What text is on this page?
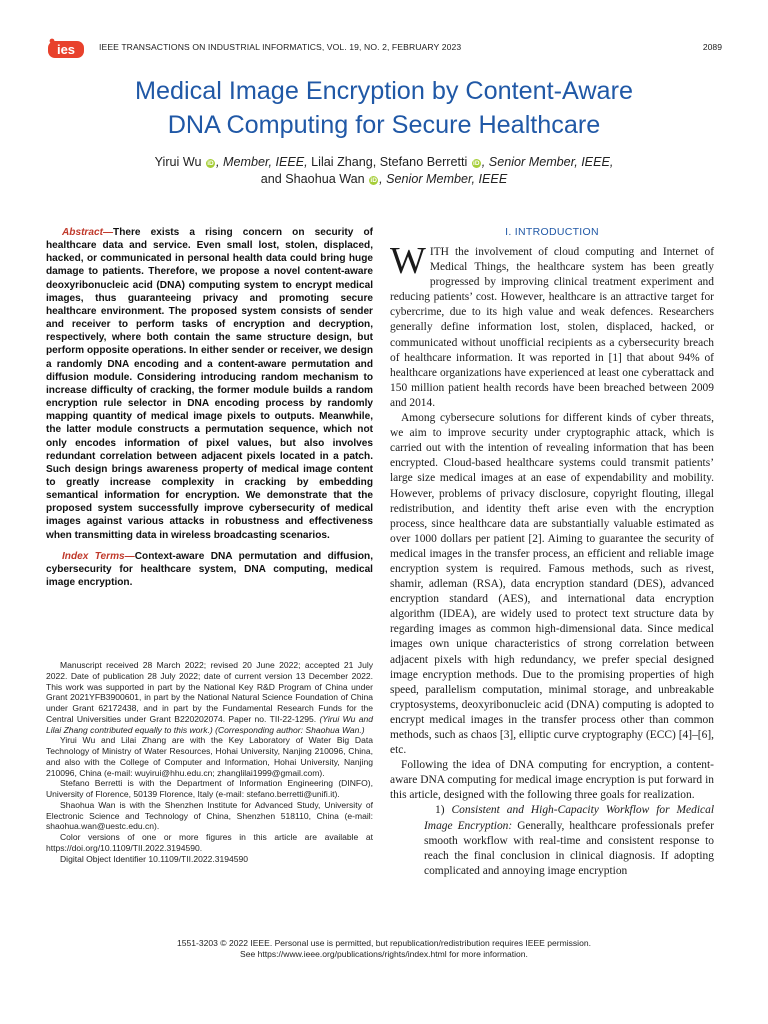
ies	IEEE TRANSACTIONS ON INDUSTRIAL INFORMATICS, VOL. 19, NO. 2, FEBRUARY 2023	2089
Medical Image Encryption by Content-Aware
DNA Computing for Secure Healthcare
Yirui Wu iD , Member, IEEE, Lilai Zhang, Stefano Berretti iD , Senior Member, IEEE,
and Shaohua Wan iD , Senior Member, IEEE

Abstract—There exists a rising concern on security of healthcare data and service. Even small lost, stolen, displaced, hacked, or communicated in personal health data could bring huge damage to patients. Therefore, we propose a novel content-aware deoxyribonucleic acid (DNA) computing system to encrypt medical images, thus guaranteeing privacy and promoting secure healthcare environment. The proposed system consists of sender and receiver to perform tasks of encryption and decryption, respectively, where both contain the same structure design, but perform opposite operations. In either sender or receiver, we design a randomly DNA encoding and a content-aware permutation and diffusion module. Considering introducing random mechanism to increase difficulty of cracking, the former module builds a random encryption rule selector in DNA encoding process by randomly mapping quantity of medical image pixels to outputs. Meanwhile, the latter module constructs a permutation sequence, which not only encodes information of pixel values, but also involves redundant correlation between adjacent pixels located in a patch. Such design brings awareness property of medical image content to greatly increase complexity in cracking by embedding semantical information for encryption. We demonstrate that the proposed system successfully improve cybersecurity of medical images against various attacks in robustness and effectiveness when transmitting data in wireless broadcasting scenarios.

Index Terms—Context-aware DNA permutation and diffusion, cybersecurity for healthcare system, DNA computing, medical image encryption.

Manuscript received 28 March 2022; revised 20 June 2022; accepted 21 July 2022. Date of publication 28 July 2022; date of current version 13 December 2022. This work was supported in part by the National Key R&D Program of China under Grant 2021YFB3900601, in part by the National Natural Science Foundation of China under Grant 62172438, and in part by the Fundamental Research Funds for the Central Universities under Grant B220202074. Paper no. TII-22-1295. (Yirui Wu and Lilai Zhang contributed equally to this work.) (Corresponding author: Shaohua Wan.)

Yirui Wu and Lilai Zhang are with the Key Laboratory of Water Big Data Technology of Ministry of Water Resources, Hohai University, Nanjing 210096, China, and also with the College of Computer and Information, Hohai University, Nanjing 210096, China (e-mail: wuyirui@hhu.edu.cn; zhanglilai1999@gmail.com).

Stefano Berretti is with the Department of Information Engineering (DINFO), University of Florence, 50139 Florence, Italy (e-mail: stefano.berretti@unifi.it).

Shaohua Wan is with the Shenzhen Institute for Advanced Study, University of Electronic Science and Technology of China, Shenzhen 518110, China (e-mail: shaohua.wan@uestc.edu.cn).

Color versions of one or more figures in this article are available at https://doi.org/10.1109/TII.2022.3194590.

Digital Object Identifier 10.1109/TII.2022.3194590

I. INTRODUCTION

WITH the involvement of cloud computing and Internet of Medical Things, the healthcare system has been greatly progressed by improving clinical treatment experiment and reducing patients’ cost. However, healthcare is an attractive target for cybercrime, due to its high value and weak defences. Researchers generally define information lost, stolen, displaced, hacked, or communicated without unofficial recipients as a cybersecurity breach of healthcare information. It was reported in [1] that about 94% of healthcare organizations have experienced at least one cyberattack and 150 million patient health records have been breached between 2009 and 2014.

Among cybersecure solutions for different kinds of cyber threats, we aim to improve security under cryptographic attack, which is carried out with the intention of revealing information that has been encrypted. Cloud-based healthcare systems could transmit patients’ large size medical images at an ease of expendability and mobility. However, problems of privacy disclosure, copyright flouting, illegal redistribution, and identity theft arise even with the encryption process, since healthcare data are substantially valuable estimated as over 1000 dollars per patient [2]. Aiming to guarantee the security of medical images in the transfer process, an efficient and reliable image encryption system is required. Famous methods, such as rivest, shamir, adleman (RSA), data encryption standard (DES), advanced encryption standard (AES), and international data encryption algorithm (IDEA), are widely used to protect text structure data by regarding images as common high-dimensional data. Since medical images own unique characteristics of strong correlation between adjacent pixels with high redundancy, we prefer special designed image encryption methods. Due to the promising properties of high speed, parallelism computation, minimal storage, and unbreakable cryptosystems, deoxyribonucleic acid (DNA) computing is adopted to encrypt medical images in the transfer process other than common methods, such as chaos [3], elliptic curve cryptography (ECC) [4]–[6], etc.

Following the idea of DNA computing for encryption, a content-aware DNA computing for medical image encryption is put forward in this article, designed with the following three goals for realization.

1) Consistent and High-Capacity Workflow for Medical Image Encryption: Generally, healthcare professionals prefer smooth workflow with real-time and consistent response to reach the final conclusion in clinical diagnosis. If adopting complicated and annoying image encryption

1551-3203 © 2022 IEEE. Personal use is permitted, but republication/redistribution requires IEEE permission.
See https://www.ieee.org/publications/rights/index.html for more information.
